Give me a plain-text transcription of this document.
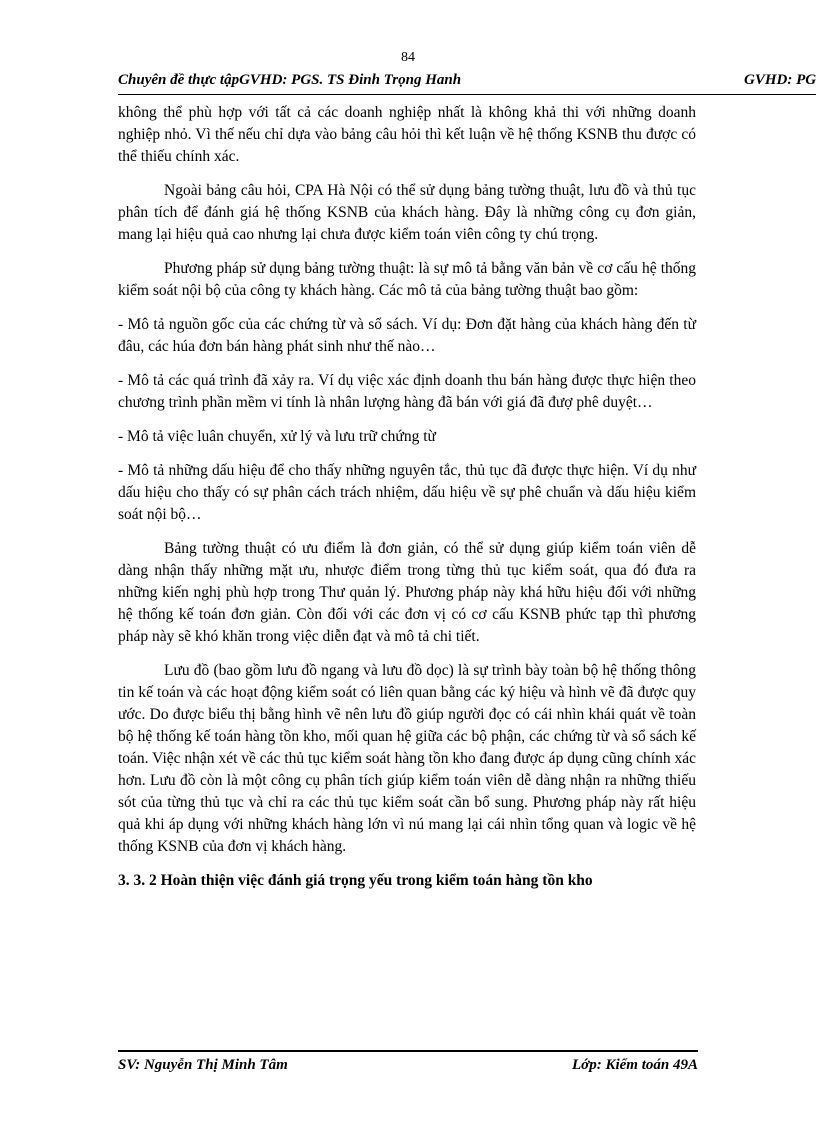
84
Chuyên đề thực tậpGVHD: PGS. TS Đinh Trọng Hanh	GVHD: PG

không thể phù hợp với tất cả các doanh nghiệp nhất là không khả thi với những doanh nghiệp nhỏ. Vì thế nếu chỉ dựa vào bảng câu hỏi thì kết luận về hệ thống KSNB thu được có thể thiếu chính xác.

Ngoài bảng câu hỏi, CPA Hà Nội có thể sử dụng bảng tường thuật, lưu đồ và thủ tục phân tích để đánh giá hệ thống KSNB của khách hàng. Đây là những công cụ đơn giản, mang lại hiệu quả cao nhưng lại chưa được kiểm toán viên công ty chú trọng.

Phương pháp sử dụng bảng tường thuật: là sự mô tả bằng văn bản về cơ cấu hệ thống kiểm soát nội bộ của công ty khách hàng. Các mô tả của bảng tường thuật bao gồm:

- Mô tả nguồn gốc của các chứng từ và sổ sách. Ví dụ: Đơn đặt hàng của khách hàng đến từ đâu, các húa đơn bán hàng phát sinh như thế nào…

- Mô tả các quá trình đã xảy ra. Ví dụ việc xác định doanh thu bán hàng được thực hiện theo chương trình phần mềm vi tính là nhân lượng hàng đã bán với giá đã đượ phê duyệt…

- Mô tả việc luân chuyển, xử lý và lưu trữ chứng từ

- Mô tả những dấu hiệu để cho thấy những nguyên tắc, thủ tục đã được thực hiện. Ví dụ như dấu hiệu cho thấy có sự phân cách trách nhiệm, dấu hiệu về sự phê chuẩn và dấu hiệu kiểm soát nội bộ…

Bảng tường thuật có ưu điểm là đơn giản, có thể sử dụng giúp kiểm toán viên dễ dàng nhận thấy những mặt ưu, nhược điểm trong từng thủ tục kiểm soát, qua đó đưa ra những kiến nghị phù hợp trong Thư quản lý. Phương pháp này khá hữu hiệu đối với những hệ thống kế toán đơn giản. Còn đối với các đơn vị có cơ cấu KSNB phức tạp thì phương pháp này sẽ khó khăn trong việc diễn đạt và mô tả chi tiết.

Lưu đồ (bao gồm lưu đồ ngang và lưu đồ dọc) là sự trình bày toàn bộ hệ thống thông tin kế toán và các hoạt động kiểm soát có liên quan bằng các ký hiệu và hình vẽ đã được quy ước. Do được biểu thị bằng hình vẽ nên lưu đồ giúp người đọc có cái nhìn khái quát về toàn bộ hệ thống kế toán hàng tồn kho, mối quan hệ giữa các bộ phận, các chứng từ và sổ sách kế toán. Việc nhận xét về các thủ tục kiểm soát hàng tồn kho đang được áp dụng cũng chính xác hơn. Lưu đồ còn là một công cụ phân tích giúp kiểm toán viên dễ dàng nhận ra những thiếu sót của từng thủ tục và chỉ ra các thủ tục kiểm soát cần bổ sung. Phương pháp này rất hiệu quả khi áp dụng với những khách hàng lớn vì nú mang lại cái nhìn tổng quan và logic về hệ thống KSNB của đơn vị khách hàng.

3. 3. 2 Hoàn thiện việc đánh giá trọng yếu trong kiểm toán hàng tồn kho
SV: Nguyễn Thị Minh Tâm	Lớp: Kiểm toán 49A
